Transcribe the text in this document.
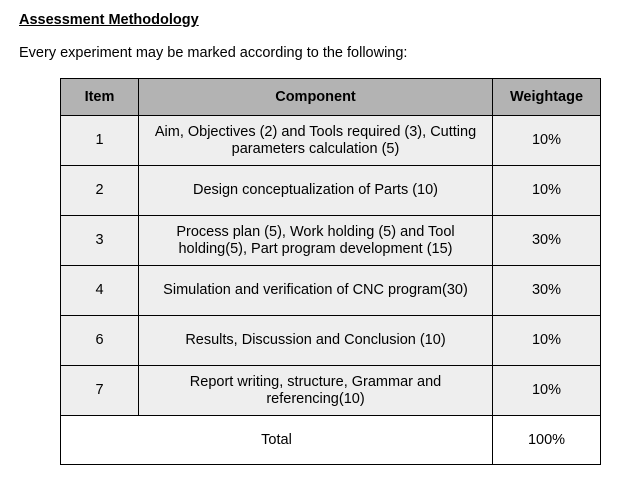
Assessment Methodology
Every experiment may be marked according to the following:
Item	Component	Weightage
1	Aim, Objectives (2) and Tools required (3), Cutting parameters calculation (5)	10%
2	Design conceptualization of Parts (10)	10%
3	Process plan (5), Work holding (5) and Tool holding(5), Part program development (15)	30%
4	Simulation and verification of CNC program(30)	30%
6	Results, Discussion and Conclusion (10)	10%
7	Report writing, structure, Grammar and referencing(10)	10%
Total		100%
